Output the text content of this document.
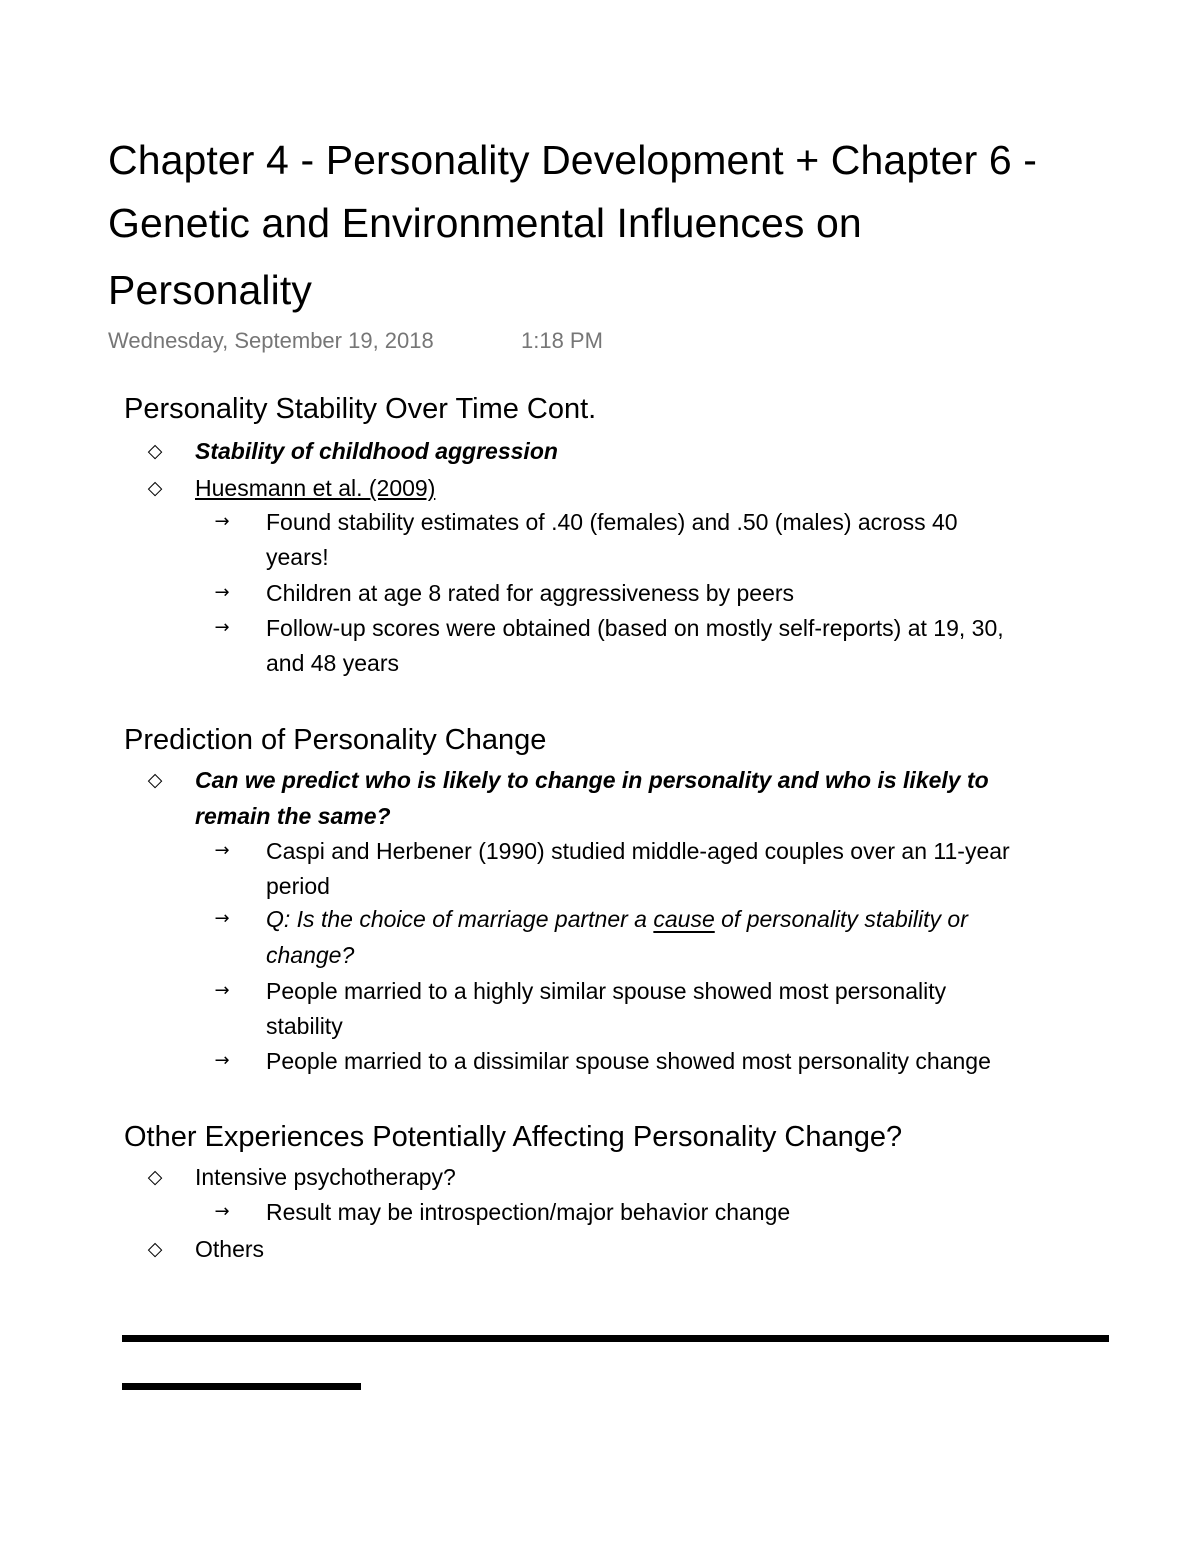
Chapter 4 - Personality Development + Chapter 6 -
Genetic and Environmental Influences on
Personality
Wednesday, September 19, 2018	1:18 PM
Personality Stability Over Time Cont.
◇ Stability of childhood aggression
◇ Huesmann et al. (2009)
→	Found stability estimates of .40 (females) and .50 (males) across 40
years!
→	Children at age 8 rated for aggressiveness by peers
→	Follow-up scores were obtained (based on mostly self-reports) at 19, 30,
and 48 years
Prediction of Personality Change
◇ Can we predict who is likely to change in personality and who is likely to
remain the same?
→	Caspi and Herbener (1990) studied middle-aged couples over an 11-year
period
→	Q: Is the choice of marriage partner a cause of personality stability or
change?
→	People married to a highly similar spouse showed most personality
stability
→	People married to a dissimilar spouse showed most personality change
Other Experiences Potentially Affecting Personality Change?
◇ Intensive psychotherapy?
→	Result may be introspection/major behavior change
◇ Others
